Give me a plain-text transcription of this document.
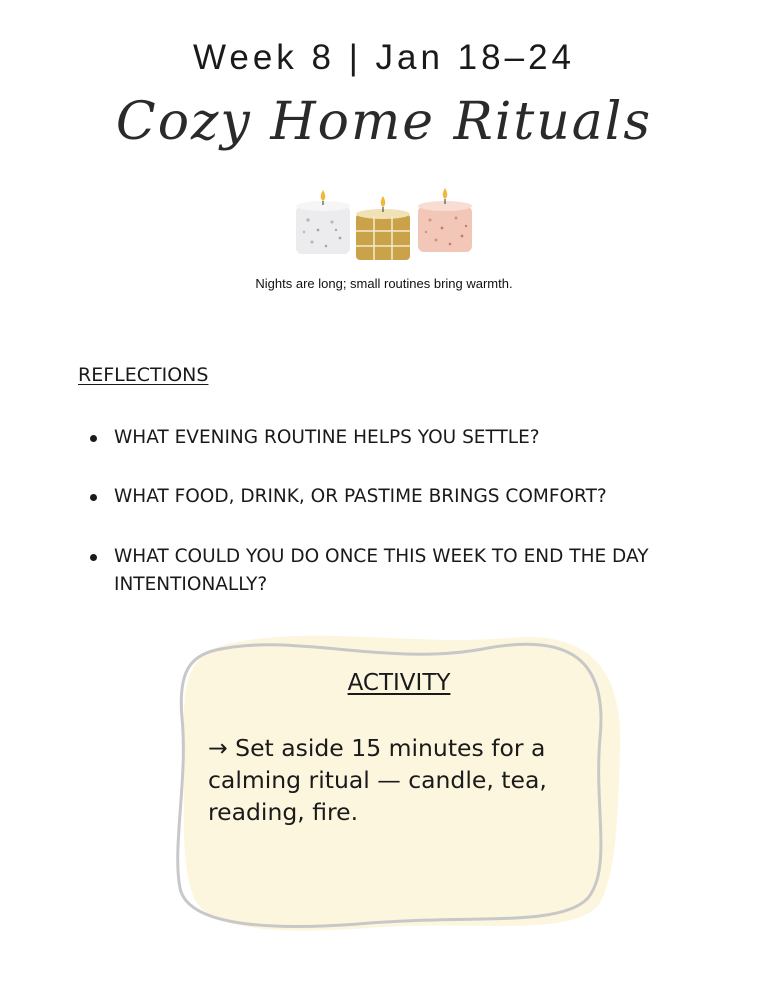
Week 8 | Jan 18–24
Cozy Home Rituals
Nights are long; small routines bring warmth.
REFLECTIONS
WHAT EVENING ROUTINE HELPS YOU SETTLE?
WHAT FOOD, DRINK, OR PASTIME BRINGS COMFORT?
WHAT COULD YOU DO ONCE THIS WEEK TO END THE DAY INTENTIONALLY?
ACTIVITY
→ Set aside 15 minutes for a calming ritual — candle, tea, reading, fire.
